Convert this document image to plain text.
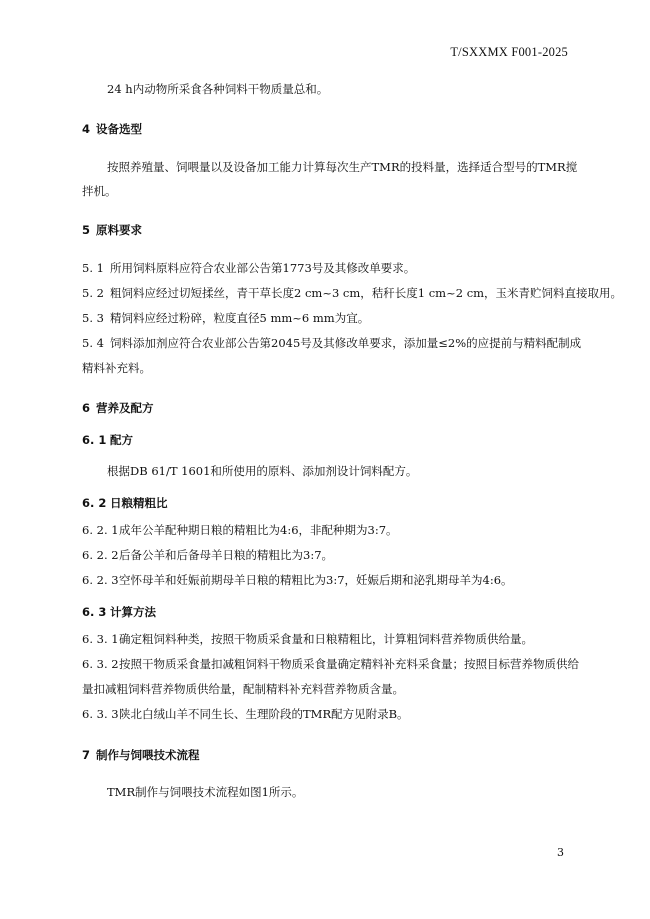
T/SXXMX F001-2025
24 h内动物所采食各种饲料干物质量总和。
4 设备选型
按照养殖量、饲喂量以及设备加工能力计算每次生产TMR的投料量，选择适合型号的TMR搅
拌机。
5 原料要求
5. 1 所用饲料原料应符合农业部公告第1773号及其修改单要求。
5. 2 粗饲料应经过切短揉丝，青干草长度2 cm~3 cm，秸秆长度1 cm~2 cm，玉米青贮饲料直接取用。
5. 3 精饲料应经过粉碎，粒度直径5 mm~6 mm为宜。
5. 4 饲料添加剂应符合农业部公告第2045号及其修改单要求，添加量≤2%的应提前与精料配制成
精料补充料。
6 营养及配方
6. 1 配方
根据DB 61/T 1601和所使用的原料、添加剂设计饲料配方。
6. 2 日粮精粗比
6. 2. 1成年公羊配种期日粮的精粗比为4:6，非配种期为3:7。
6. 2. 2后备公羊和后备母羊日粮的精粗比为3:7。
6. 2. 3空怀母羊和妊娠前期母羊日粮的精粗比为3:7，妊娠后期和泌乳期母羊为4:6。
6. 3 计算方法
6. 3. 1确定粗饲料种类，按照干物质采食量和日粮精粗比，计算粗饲料营养物质供给量。
6. 3. 2按照干物质采食量扣减粗饲料干物质采食量确定精料补充料采食量；按照目标营养物质供给
量扣减粗饲料营养物质供给量，配制精料补充料营养物质含量。
6. 3. 3陕北白绒山羊不同生长、生理阶段的TMR配方见附录B。
7 制作与饲喂技术流程
TMR制作与饲喂技术流程如图1所示。
3
